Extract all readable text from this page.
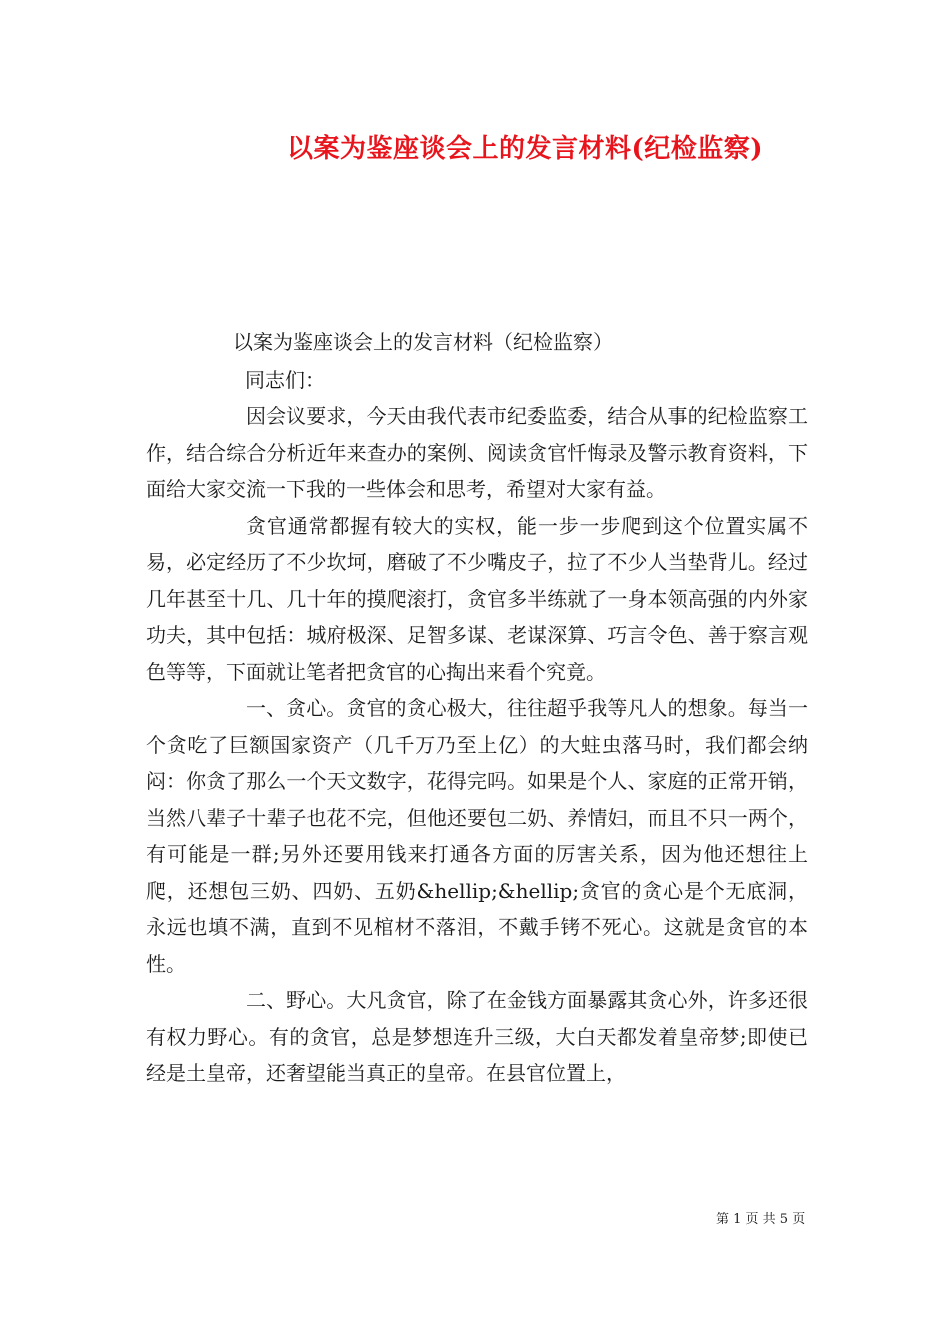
以案为鉴座谈会上的发言材料(纪检监察)
以案为鉴座谈会上的发言材料（纪检监察）
同志们：

因会议要求，今天由我代表市纪委监委，结合从事的纪检监察工作，结合综合分析近年来查办的案例、阅读贪官忏悔录及警示教育资料，下面给大家交流一下我的一些体会和思考，希望对大家有益。

贪官通常都握有较大的实权，能一步一步爬到这个位置实属不易，必定经历了不少坎坷，磨破了不少嘴皮子，拉了不少人当垫背儿。经过几年甚至十几、几十年的摸爬滚打，贪官多半练就了一身本领高强的内外家功夫，其中包括：城府极深、足智多谋、老谋深算、巧言令色、善于察言观色等等，下面就让笔者把贪官的心掏出来看个究竟。

一、贪心。贪官的贪心极大，往往超乎我等凡人的想象。每当一个贪吃了巨额国家资产（几千万乃至上亿）的大蛀虫落马时，我们都会纳闷：你贪了那么一个天文数字，花得完吗。如果是个人、家庭的正常开销，当然八辈子十辈子也花不完，但他还要包二奶、养情妇，而且不只一两个，有可能是一群;另外还要用钱来打通各方面的厉害关系，因为他还想往上爬，还想包三奶、四奶、五奶&hellip;&hellip;贪官的贪心是个无底洞，永远也填不满，直到不见棺材不落泪，不戴手铐不死心。这就是贪官的本性。

二、野心。大凡贪官，除了在金钱方面暴露其贪心外，许多还很有权力野心。有的贪官，总是梦想连升三级，大白天都发着皇帝梦;即使已经是土皇帝，还奢望能当真正的皇帝。在县官位置上，

第 1 页 共 5 页
